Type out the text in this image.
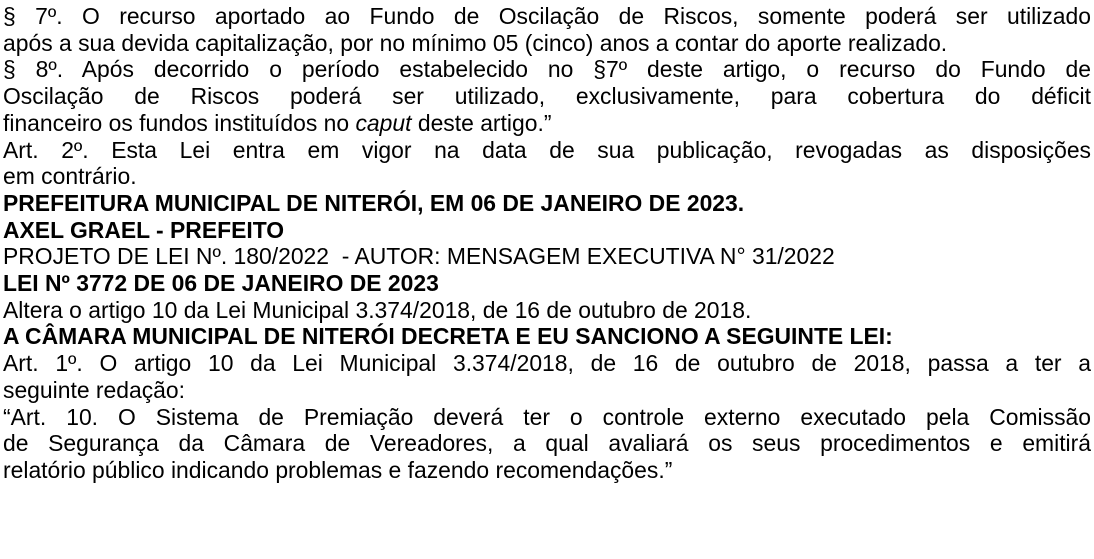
§ 7º. O recurso aportado ao Fundo de Oscilação de Riscos, somente poderá ser utilizado
após a sua devida capitalização, por no mínimo 05 (cinco) anos a contar do aporte realizado.
§ 8º. Após decorrido o período estabelecido no §7º deste artigo, o recurso do Fundo de
Oscilação de Riscos poderá ser utilizado, exclusivamente, para cobertura do déficit
financeiro os fundos instituídos no caput deste artigo.”
Art. 2º. Esta Lei entra em vigor na data de sua publicação, revogadas as disposições
em contrário.
PREFEITURA MUNICIPAL DE NITERÓI, EM 06 DE JANEIRO DE 2023.
AXEL GRAEL - PREFEITO
PROJETO DE LEI Nº. 180/2022  - AUTOR: MENSAGEM EXECUTIVA N° 31/2022
LEI Nº 3772 DE 06 DE JANEIRO DE 2023
Altera o artigo 10 da Lei Municipal 3.374/2018, de 16 de outubro de 2018.
A CÂMARA MUNICIPAL DE NITERÓI DECRETA E EU SANCIONO A SEGUINTE LEI:
Art. 1º. O artigo 10 da Lei Municipal 3.374/2018, de 16 de outubro de 2018, passa a ter a
seguinte redação:
“Art. 10. O Sistema de Premiação deverá ter o controle externo executado pela Comissão
de Segurança da Câmara de Vereadores, a qual avaliará os seus procedimentos e emitirá
relatório público indicando problemas e fazendo recomendações.”
